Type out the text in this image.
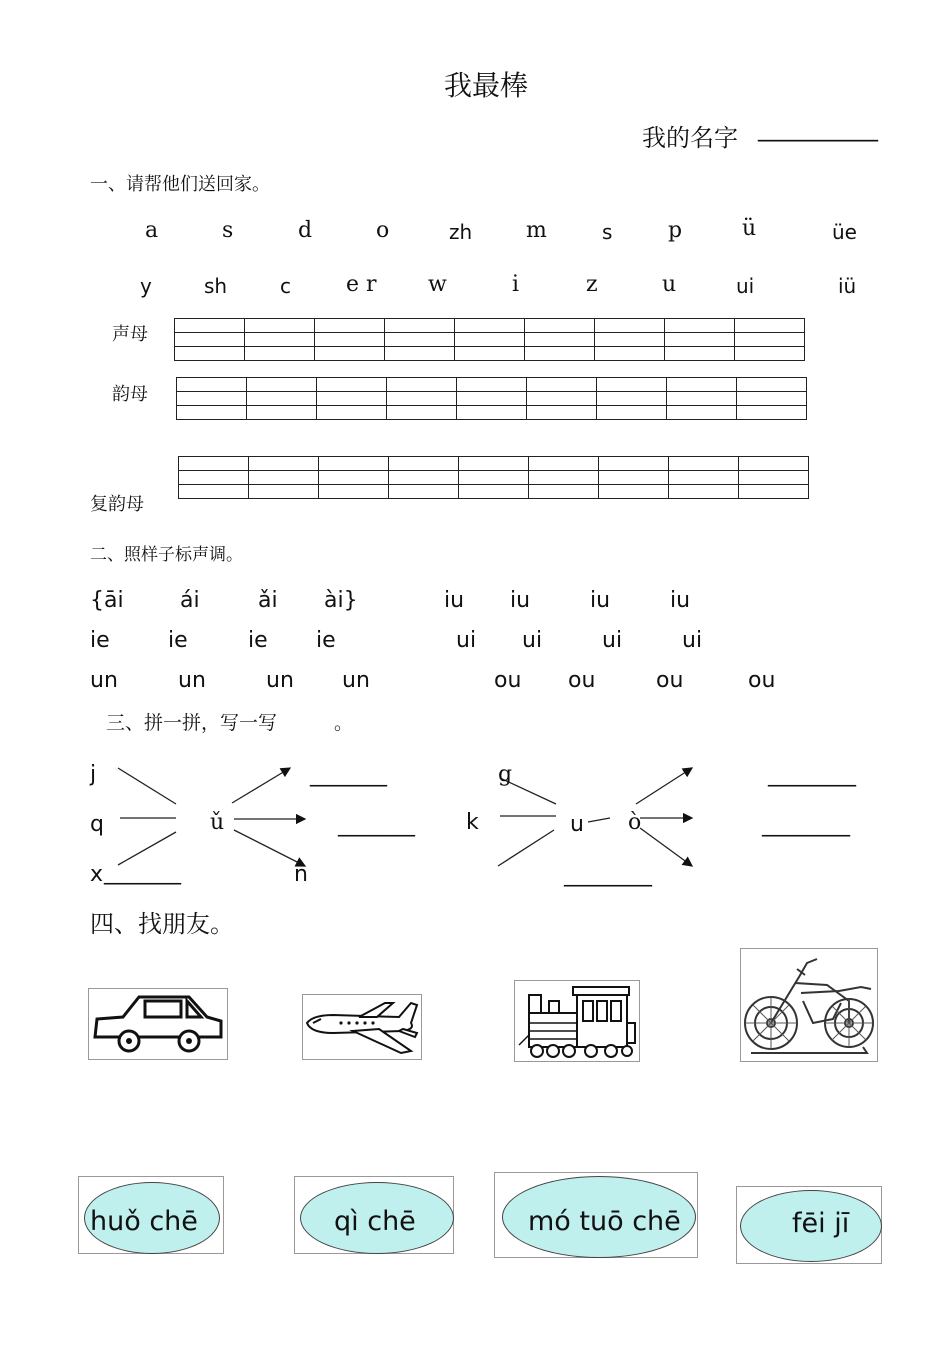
我最棒
我的名字 __________
一、请帮他们送回家。
a	s	d	o	zh m	s	p	ü	üe
y	sh	c	e r w	i	z	u	ui	iü
声母

韵母

复韵母
二、照样子标声调。
{āi	ái	ǎi ài}	iu iu	iu	iu
ie	ie	ie ie	ui ui	ui	ui
un	un	un un	ou ou	ou	ou
三、拼一拼，写一写	。
j
q
x _______
ǔ
n
_______
_______
g
k	u ò
________
________
________
四、找朋友。
huǒ chē	qì chē	mó tuō chē	fēi jī
